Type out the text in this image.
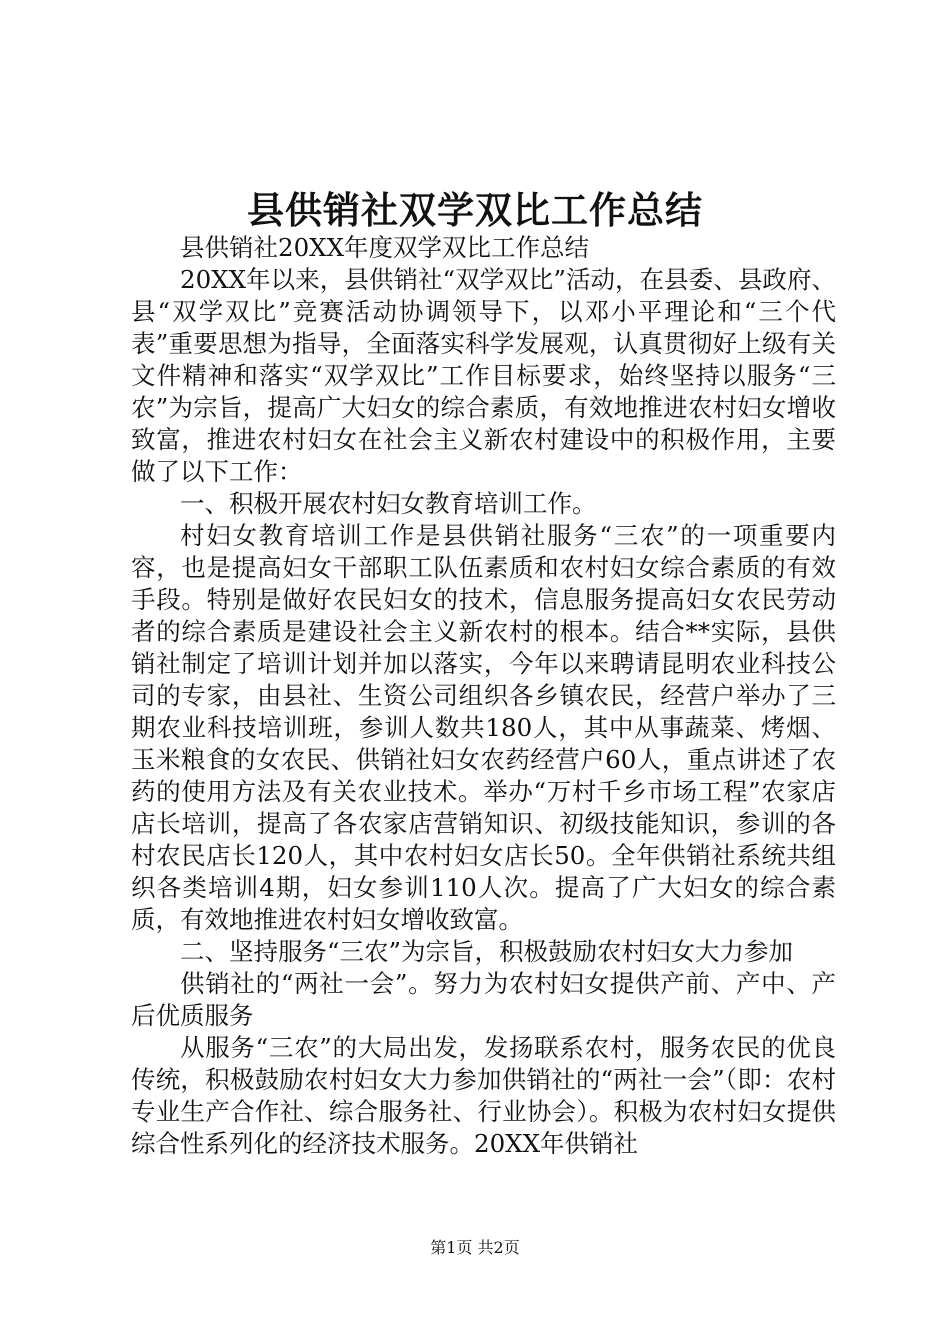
县供销社双学双比工作总结

县供销社20XX年度双学双比工作总结

20XX年以来，县供销社“双学双比”活动，在县委、县政府、县“双学双比”竞赛活动协调领导下，以邓小平理论和“三个代表”重要思想为指导，全面落实科学发展观，认真贯彻好上级有关文件精神和落实“双学双比”工作目标要求，始终坚持以服务“三农”为宗旨，提高广大妇女的综合素质，有效地推进农村妇女增收致富，推进农村妇女在社会主义新农村建设中的积极作用，主要做了以下工作：

一、积极开展农村妇女教育培训工作。

村妇女教育培训工作是县供销社服务“三农”的一项重要内容，也是提高妇女干部职工队伍素质和农村妇女综合素质的有效手段。特别是做好农民妇女的技术，信息服务提高妇女农民劳动者的综合素质是建设社会主义新农村的根本。结合**实际，县供销社制定了培训计划并加以落实，今年以来聘请昆明农业科技公司的专家，由县社、生资公司组织各乡镇农民，经营户举办了三期农业科技培训班，参训人数共180人，其中从事蔬菜、烤烟、玉米粮食的女农民、供销社妇女农药经营户60人，重点讲述了农药的使用方法及有关农业技术。举办“万村千乡市场工程”农家店店长培训，提高了各农家店营销知识、初级技能知识，参训的各村农民店长120人，其中农村妇女店长50。全年供销社系统共组织各类培训4期，妇女参训110人次。提高了广大妇女的综合素质，有效地推进农村妇女增收致富。

二、坚持服务“三农”为宗旨，积极鼓励农村妇女大力参加

供销社的“两社一会”。努力为农村妇女提供产前、产中、产后优质服务

从服务“三农”的大局出发，发扬联系农村，服务农民的优良传统，积极鼓励农村妇女大力参加供销社的“两社一会”（即：农村专业生产合作社、综合服务社、行业协会）。积极为农村妇女提供综合性系列化的经济技术服务。20XX年供销社

第1页 共2页
